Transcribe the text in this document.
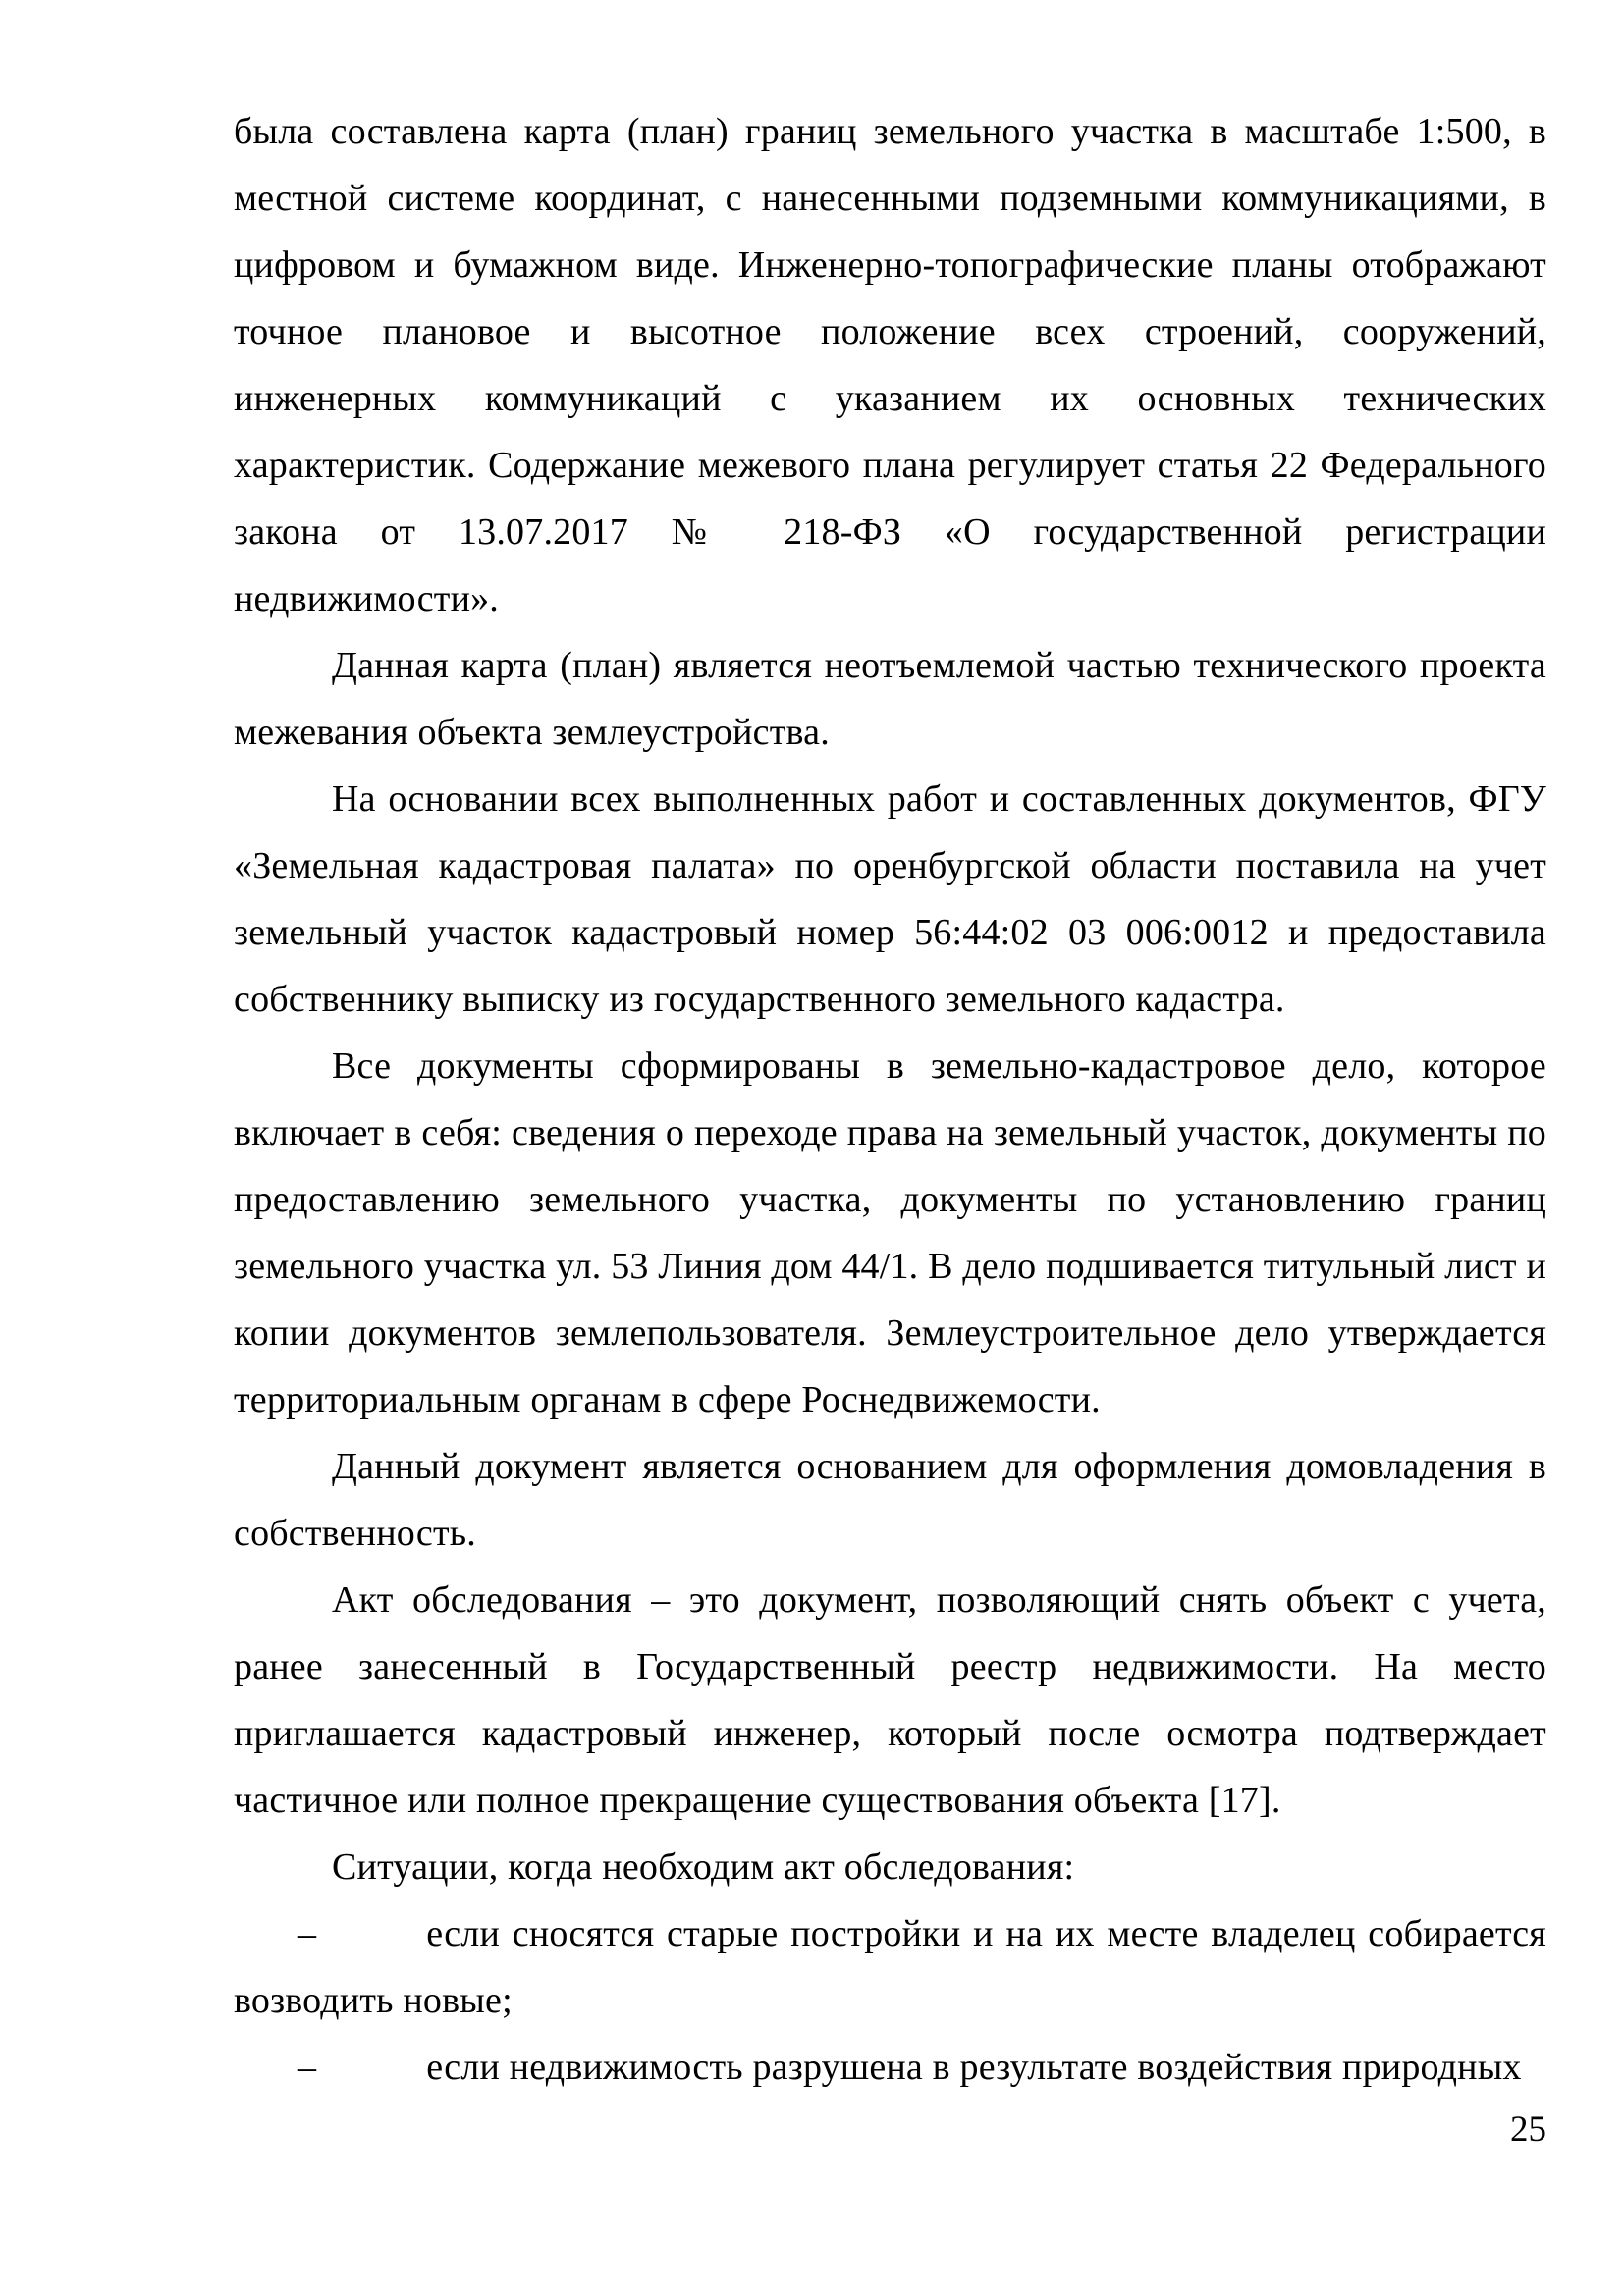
была составлена карта (план) границ земельного участка в масштабе 1:500, в местной системе координат, с нанесенными подземными коммуникациями, в цифровом и бумажном виде. Инженерно-топографические планы отображают точное плановое и высотное положение всех строений, сооружений, инженерных коммуникаций с указанием их основных технических характеристик. Содержание межевого плана регулирует статья 22 Федерального закона от 13.07.2017 № 218-ФЗ «О государственной регистрации недвижимости».

Данная карта (план) является неотъемлемой частью технического проекта межевания объекта землеустройства.

На основании всех выполненных работ и составленных документов, ФГУ «Земельная кадастровая палата» по оренбургской области поставила на учет земельный участок кадастровый номер 56:44:02 03 006:0012 и предоставила собственнику выписку из государственного земельного кадастра.

Все документы сформированы в земельно-кадастровое дело, которое включает в себя: сведения о переходе права на земельный участок, документы по предоставлению земельного участка, документы по установлению границ земельного участка ул. 53 Линия дом 44/1. В дело подшивается титульный лист и копии документов землепользователя. Землеустроительное дело утверждается территориальным органам в сфере Роснедвижемости.

Данный документ является основанием для оформления домовладения в собственность.

Акт обследования – это документ, позволяющий снять объект с учета, ранее занесенный в Государственный реестр недвижимости. На место приглашается кадастровый инженер, который после осмотра подтверждает частичное или полное прекращение существования объекта [17].

Ситуации, когда необходим акт обследования:

–	если сносятся старые постройки и на их месте владелец собирается возводить новые;

–	если недвижимость разрушена в результате воздействия природных

25
